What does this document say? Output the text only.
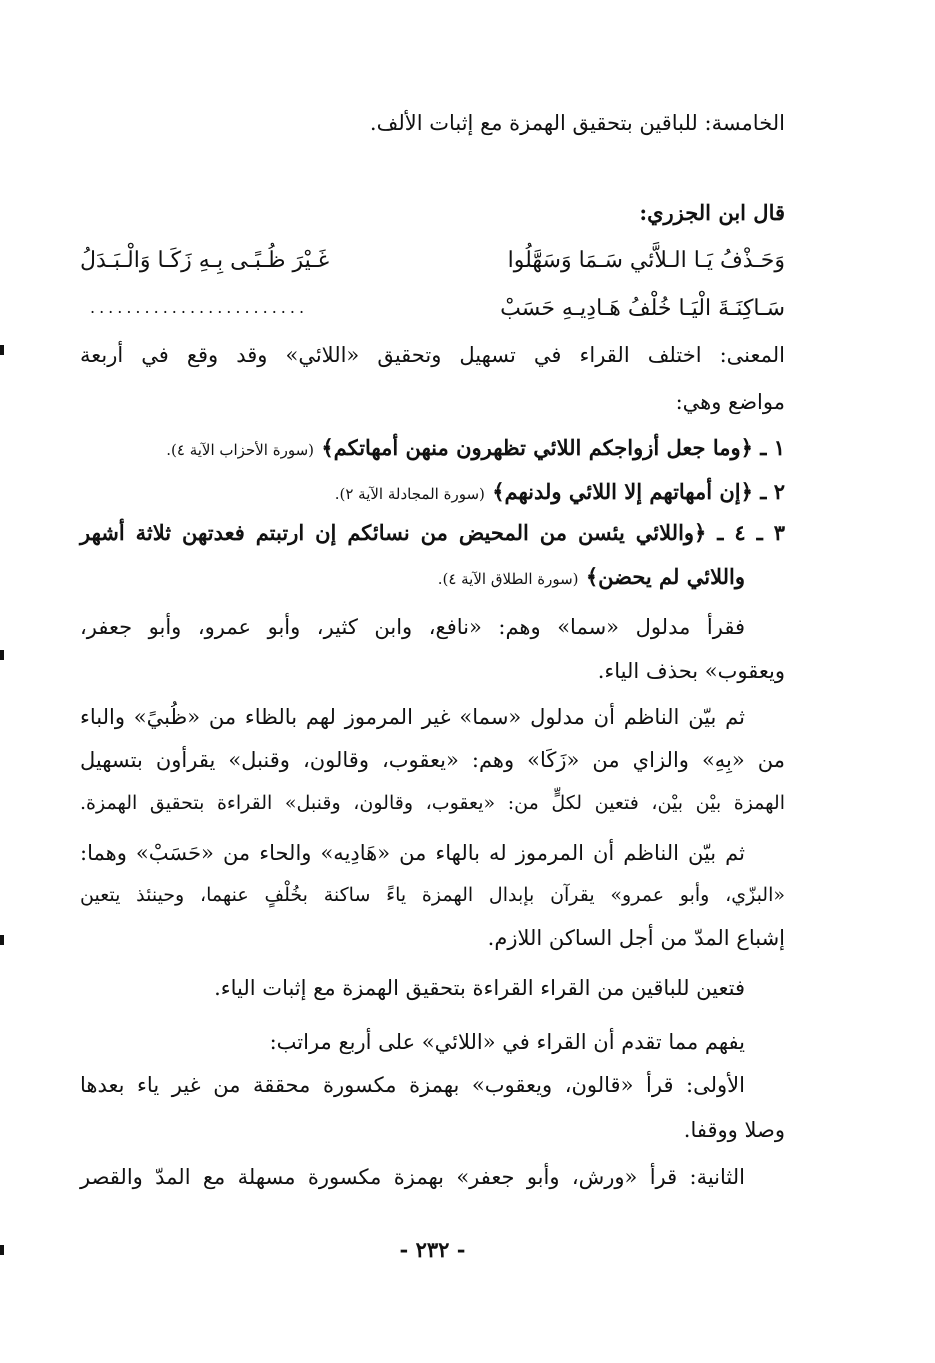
الخامسة: للباقين بتحقيق الهمزة مع إثبات الألف.
قال ابن الجزري:
وَحَـذْفُ يَـا الـلاَّئي سَـمَا وَسَهَّلُوا
غَـيْرَ ظُـبًـى بِـهِ زَكَـا وَالْـبَـدَلُ
سَـاكِنَـةَ الْيَـا خُلْفُ هَـادِيـهِ حَسَبْ
........................
المعنى: اختلف القراء في تسهيل وتحقيق «اللائي» وقد وقع في أربعة
مواضع وهي:
١ ـ ﴿وما جعل أزواجكم اللائي تظهرون منهن أمهاتكم﴾ (سورة الأحزاب الآية ٤).
٢ ـ ﴿إن أمهاتهم إلا اللائي ولدنهم﴾ (سورة المجادلة الآية ٢).
٣ ـ ٤ ـ ﴿واللائي يئسن من المحيض من نسائكم إن ارتبتم فعدتهن ثلاثة أشهر
واللائي لم يحضن﴾ (سورة الطلاق الآية ٤).
فقرأ مدلول «سما» وهم: «نافع، وابن كثير، وأبو عمرو، وأبو جعفر،
ويعقوب» بحذف الياء.
ثم بيّن الناظم أن مدلول «سما» غير المرموز لهم بالظاء من «ظُبيً» والباء
من «بِهِ» والزاي من «زَكَا» وهم: «يعقوب، وقالون، وقنبل» يقرأون بتسهيل
الهمزة بيْن بيْن، فتعين لكلٍّ من: «يعقوب، وقالون، وقنبل» القراءة بتحقيق الهمزة.
ثم بيّن الناظم أن المرموز له بالهاء من «هَادِيه» والحاء من «حَسَبْ» وهما:
«البزّي، وأبو عمرو» يقرآن بإبدال الهمزة ياءً ساكنة بخُلْفٍ عنهما، وحينئذ يتعين
إشباع المدّ من أجل الساكن اللازم.
فتعين للباقين من القراء القراءة بتحقيق الهمزة مع إثبات الياء.
يفهم مما تقدم أن القراء في «اللائي» على أربع مراتب:
الأولى: قرأ «قالون، ويعقوب» بهمزة مكسورة محققة من غير ياء بعدها
وصلا ووقفا.
الثانية: قرأ «ورش، وأبو جعفر» بهمزة مكسورة مسهلة مع المدّ والقصر
- ٢٣٢ -
